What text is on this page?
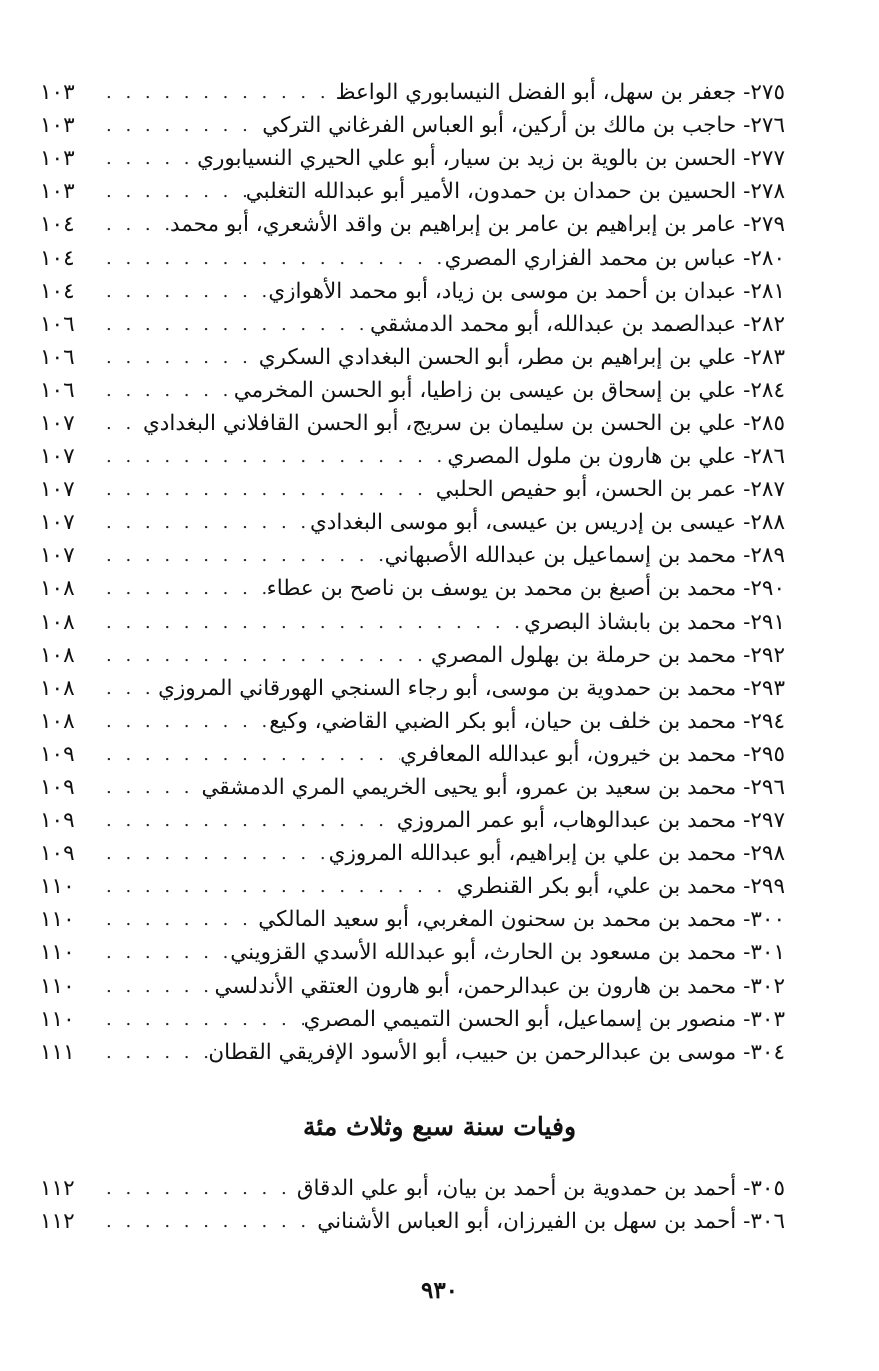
١٠٣ . . .	٢٧٥- جعفر بن سهل، أبو الفضل النيسابوري الواعظ
١٠٣ . . .	٢٧٦- حاجب بن مالك بن أركين، أبو العباس الفرغاني التركي
١٠٣ . . .	٢٧٧- الحسن بن بالوية بن زيد بن سيار، أبو علي الحيري النسيابوري
١٠٣ . . .	٢٧٨- الحسين بن حمدان بن حمدون، الأمير أبو عبدالله التغلبي
١٠٤ . . .	٢٧٩- عامر بن إبراهيم بن عامر بن إبراهيم بن واقد الأشعري، أبو محمد
١٠٤ . . .	٢٨٠- عباس بن محمد الفزاري المصري
١٠٤ . . .	٢٨١- عبدان بن أحمد بن موسى بن زياد، أبو محمد الأهوازي
١٠٦ . . .	٢٨٢- عبدالصمد بن عبدالله، أبو محمد الدمشقي
١٠٦ . . .	٢٨٣- علي بن إبراهيم بن مطر، أبو الحسن البغدادي السكري
١٠٦ . . .	٢٨٤- علي بن إسحاق بن عيسى بن زاطيا، أبو الحسن المخرمي
١٠٧ . . .	٢٨٥- علي بن الحسن بن سليمان بن سريج، أبو الحسن القافلاني البغدادي
١٠٧ . . .	٢٨٦- علي بن هارون بن ملول المصري
١٠٧ . . .	٢٨٧- عمر بن الحسن، أبو حفيص الحلبي
١٠٧ . . .	٢٨٨- عيسى بن إدريس بن عيسى، أبو موسى البغدادي
١٠٧ . . .	٢٨٩- محمد بن إسماعيل بن عبدالله الأصبهاني
١٠٨ . . .	٢٩٠- محمد بن أصبغ بن محمد بن يوسف بن ناصح بن عطاء
١٠٨ . . .	٢٩١- محمد بن بابشاذ البصري
١٠٨ . . .	٢٩٢- محمد بن حرملة بن بهلول المصري
١٠٨ . . .	٢٩٣- محمد بن حمدوية بن موسى، أبو رجاء السنجي الهورقاني المروزي
١٠٨ . . .	٢٩٤- محمد بن خلف بن حيان، أبو بكر الضبي القاضي، وكيع
١٠٩ . . .	٢٩٥- محمد بن خيرون، أبو عبدالله المعافري
١٠٩ . . .	٢٩٦- محمد بن سعيد بن عمرو، أبو يحيى الخريمي المري الدمشقي
١٠٩ . . .	٢٩٧- محمد بن عبدالوهاب، أبو عمر المروزي
١٠٩ . . .	٢٩٨- محمد بن علي بن إبراهيم، أبو عبدالله المروزي
١١٠ . . .	٢٩٩- محمد بن علي، أبو بكر القنطري
١١٠ . . .	٣٠٠- محمد بن محمد بن سحنون المغربي، أبو سعيد المالكي
١١٠ . . .	٣٠١- محمد بن مسعود بن الحارث، أبو عبدالله الأسدي القزويني
١١٠ . . .	٣٠٢- محمد بن هارون بن عبدالرحمن، أبو هارون العتقي الأندلسي
١١٠ . . .	٣٠٣- منصور بن إسماعيل، أبو الحسن التميمي المصري
١١١ . . .	٣٠٤- موسى بن عبدالرحمن بن حبيب، أبو الأسود الإفريقي القطان
وفيات سنة سبع وثلاث مئة
١١٢ . . .	٣٠٥- أحمد بن حمدوية بن أحمد بن بيان، أبو علي الدقاق
١١٢ . . .	٣٠٦- أحمد بن سهل بن الفيرزان، أبو العباس الأشناني
٩٣٠
